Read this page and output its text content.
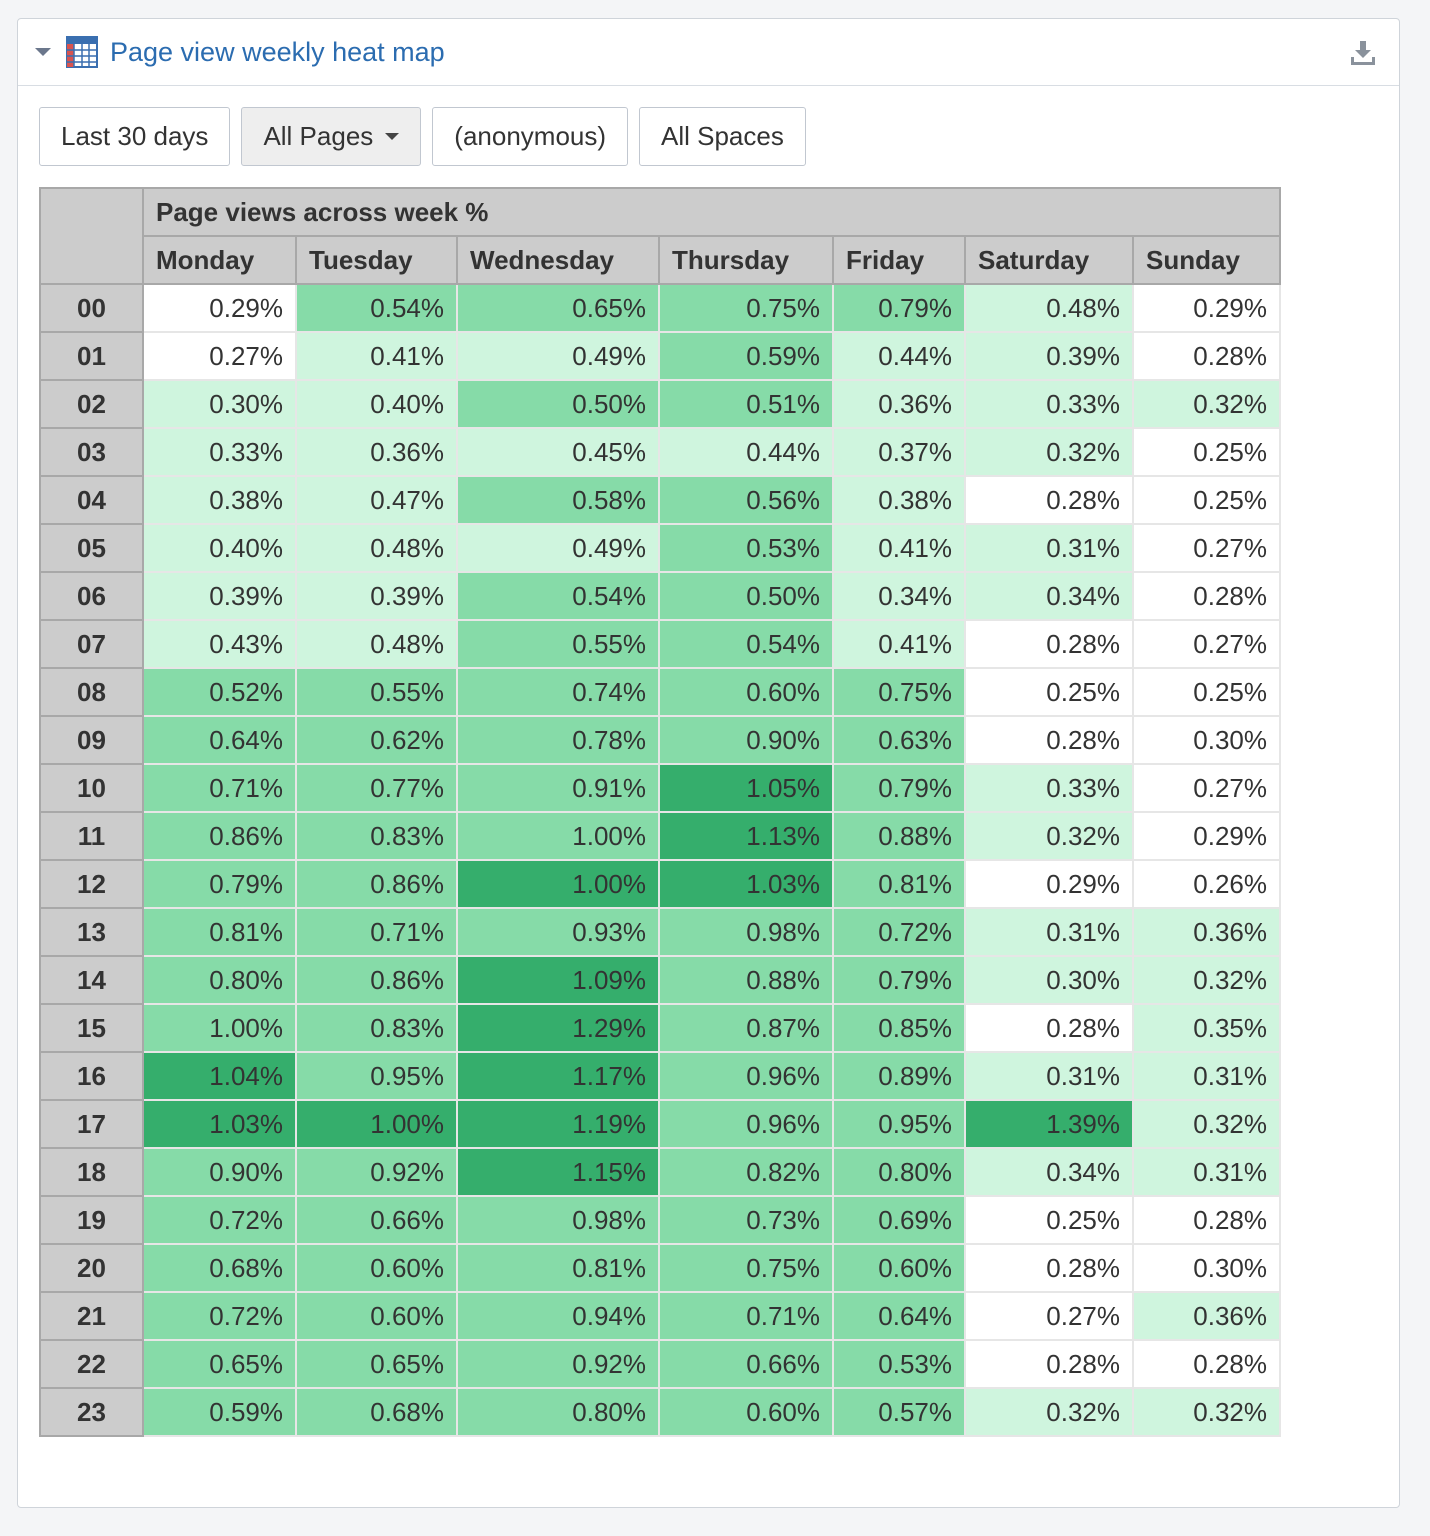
Page view weekly heat map
Last 30 days All Pages	(anonymous) All Spaces
	Page views across week %						
	Monday	Tuesday	Wednesday	Thursday	Friday	Saturday	Sunday
00	0.29%	0.54%	0.65%	0.75%	0.79%	0.48%	0.29%
01	0.27%	0.41%	0.49%	0.59%	0.44%	0.39%	0.28%
02	0.30%	0.40%	0.50%	0.51%	0.36%	0.33%	0.32%
03	0.33%	0.36%	0.45%	0.44%	0.37%	0.32%	0.25%
04	0.38%	0.47%	0.58%	0.56%	0.38%	0.28%	0.25%
05	0.40%	0.48%	0.49%	0.53%	0.41%	0.31%	0.27%
06	0.39%	0.39%	0.54%	0.50%	0.34%	0.34%	0.28%
07	0.43%	0.48%	0.55%	0.54%	0.41%	0.28%	0.27%
08	0.52%	0.55%	0.74%	0.60%	0.75%	0.25%	0.25%
09	0.64%	0.62%	0.78%	0.90%	0.63%	0.28%	0.30%
10	0.71%	0.77%	0.91%	1.05%	0.79%	0.33%	0.27%
11	0.86%	0.83%	1.00%	1.13%	0.88%	0.32%	0.29%
12	0.79%	0.86%	1.00%	1.03%	0.81%	0.29%	0.26%
13	0.81%	0.71%	0.93%	0.98%	0.72%	0.31%	0.36%
14	0.80%	0.86%	1.09%	0.88%	0.79%	0.30%	0.32%
15	1.00%	0.83%	1.29%	0.87%	0.85%	0.28%	0.35%
16	1.04%	0.95%	1.17%	0.96%	0.89%	0.31%	0.31%
17	1.03%	1.00%	1.19%	0.96%	0.95%	1.39%	0.32%
18	0.90%	0.92%	1.15%	0.82%	0.80%	0.34%	0.31%
19	0.72%	0.66%	0.98%	0.73%	0.69%	0.25%	0.28%
20	0.68%	0.60%	0.81%	0.75%	0.60%	0.28%	0.30%
21	0.72%	0.60%	0.94%	0.71%	0.64%	0.27%	0.36%
22	0.65%	0.65%	0.92%	0.66%	0.53%	0.28%	0.28%
23	0.59%	0.68%	0.80%	0.60%	0.57%	0.32%	0.32%
